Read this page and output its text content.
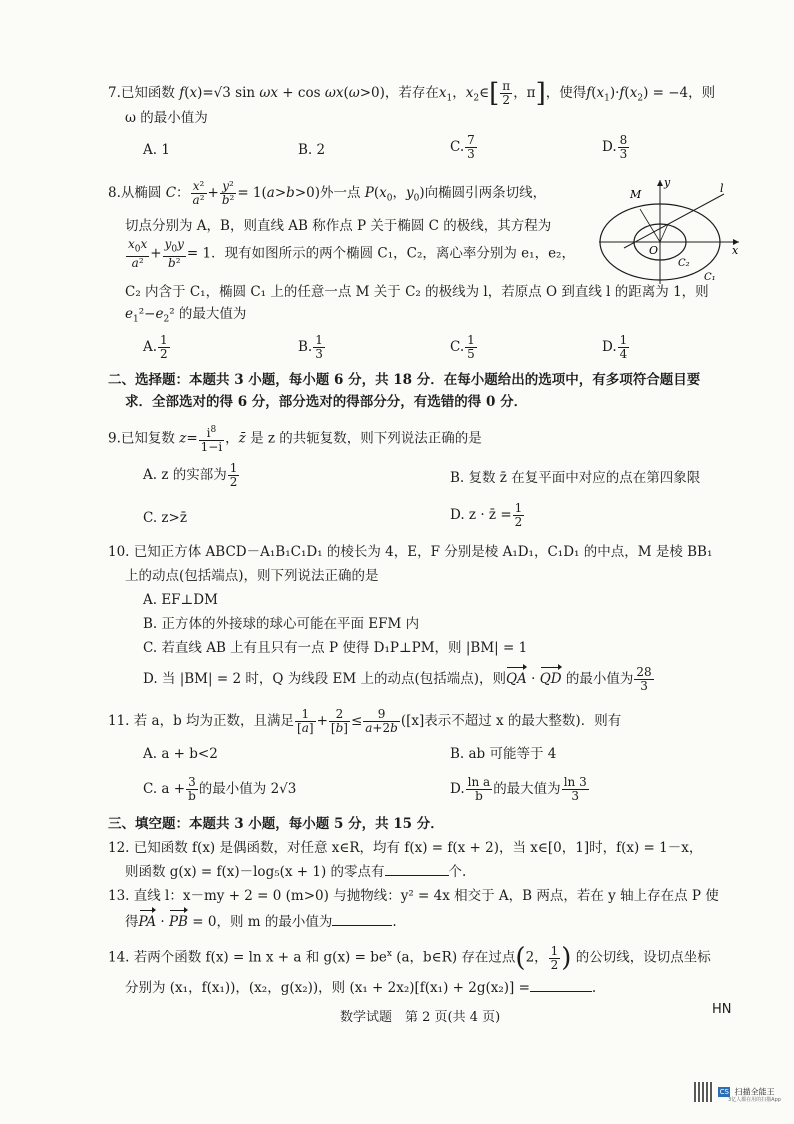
7.已知函数 f(x)=√3 sin ωx + cos ωx(ω>0)，若存在$x_1$，$x_2\in[ \frac{\pi}{2}$ ，π]，使得$f(x_1)\cdot f(x_2) = -4$，则
ω 的最小值为
A. 1	B. 2	C. $\frac{7}{3}$	D. $\frac{8}{3}$
8.从椭圆 C： $\frac{\text{x²}}{\text{a²}} + \frac{\text{y²}}{\text{b²}} = 1(a>b>0)$外一点 $P(x_0$，$y_0$)向椭圆引两条切线，
切点分别为 A，B，则直线 AB 称作点 P 关于椭圆 C 的极线，其方程为
$\frac{x_0x}{\text{a²}} + \frac{y_0y}{\text{b²}} = 1$．现有如图所示的两个椭圆 C₁，C₂，离心率分别为 e₁，e₂，
C₂ 内含于 C₁，椭圆 C₁ 上的任意一点 M 关于 C₂ 的极线为 l，若原点 O 到直线 l 的距离为 1，则
$e_1^2-e_2^2$ 的最大值为
A. $\frac{1}{2}$	B. $\frac{1}{3}$	C. $\frac{1}{5}$	D. $\frac{1}{4}$
M
y	l
O	x
C₂
C₁
二、选择题：本题共 3 小题，每小题 6 分，共 18 分．在每小题给出的选项中，有多项符合题目要
求．全部选对的得 6 分，部分选对的得部分分，有选错的得 0 分．
9.已知复数 $z= \frac{i^8}{1-i}$ ，z̄ 是 z 的共轭复数，则下列说法正确的是
A. z 的实部为 $\frac{1}{2}$	B. 复数 z̄ 在复平面中对应的点在第四象限
C. z>z̄	D. z · z̄ = $\frac{1}{2}$
10. 已知正方体 ABCD－A₁B₁C₁D₁ 的棱长为 4，E，F 分别是棱 A₁D₁，C₁D₁ 的中点，M 是棱 BB₁
上的动点(包括端点)，则下列说法正确的是
A. EF⊥DM
B. 正方体的外接球的球心可能在平面 EFM 内
C. 若直线 AB 上有且只有一点 P 使得 D₁P⊥PM，则 |BM| = 1
D. 当 |BM| = 2 时，Q 为线段 EM 上的动点(包括端点)，则QA · QD 的最小值为 $\frac{28}{3}$
11. 若 a，b 均为正数，且满足 $\frac{1}{[a]} + \frac{2}{[b]} \le \frac{9}{a+2b} ([x]$表示不超过 x 的最大整数)．则有
A. a + b<2	B. ab 可能等于 4
C. $a + \frac{3}{b}$ 的最小值为 2√3	D. $\frac{\text{ln a}}{b}$ 的最大值为 $\frac{\ln 3}{3}$
三、填空题：本题共 3 小题，每小题 5 分，共 15 分．
12. 已知函数 f(x) 是偶函数，对任意 x∈R，均有 f(x) = f(x + 2)，当 x∈[0，1]时，f(x) = 1－x，
则函数 g(x) = f(x)－log₅(x + 1) 的零点有	个.
13. 直线 l：x－my + 2 = 0 (m>0) 与抛物线：y² = 4x 相交于 A，B 两点，若在 y 轴上存在点 P 使
得PA · PB = 0，则 m 的最小值为	.
14. 若两个函数 f(x) = ln x + a 和 $g(x) = be^x$ (a，b∈R) 存在过点(2， $\frac{1}{2}$ ) 的公切线，设切点坐标
分别为 (x₁，f(x₁))，(x₂，g(x₂))，则 (x₁ + 2x₂)[f(x₁) + 2g(x₂)] =	.
数学试题　第 2 页(共 4 页)
HN
CS 扫描全能王
3亿人都在用的扫描App
